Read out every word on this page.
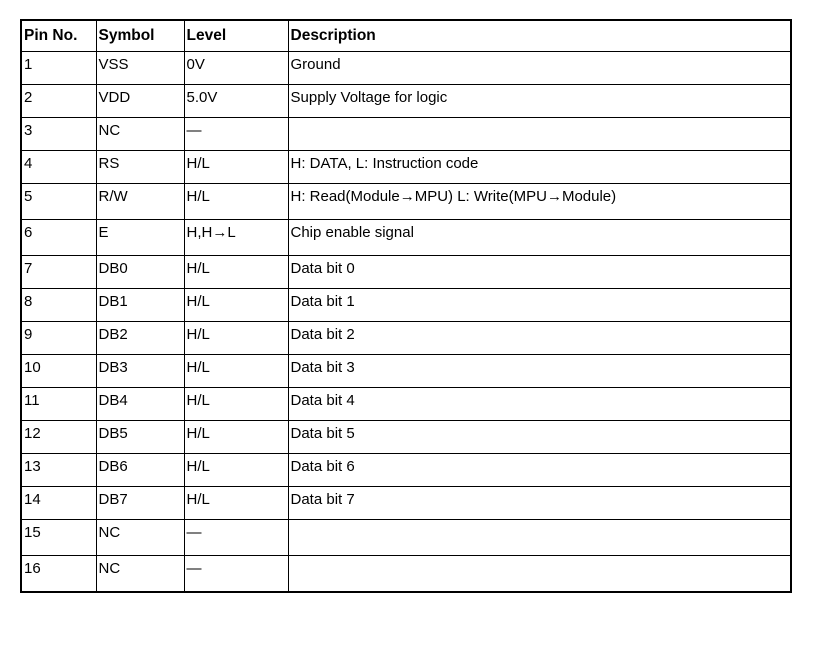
Pin No.	Symbol	Level	Description
1	VSS	0V	Ground
2	VDD	5.0V	Supply Voltage for logic
3	NC	—	
4	RS	H/L	H: DATA, L: Instruction code
5	R/W	H/L	H: Read(Module→MPU) L: Write(MPU→Module)
6	E	H,H→L	Chip enable signal
7	DB0	H/L	Data bit 0
8	DB1	H/L	Data bit 1
9	DB2	H/L	Data bit 2
10	DB3	H/L	Data bit 3
11	DB4	H/L	Data bit 4
12	DB5	H/L	Data bit 5
13	DB6	H/L	Data bit 6
14	DB7	H/L	Data bit 7
15	NC	—	
16	NC	—	
